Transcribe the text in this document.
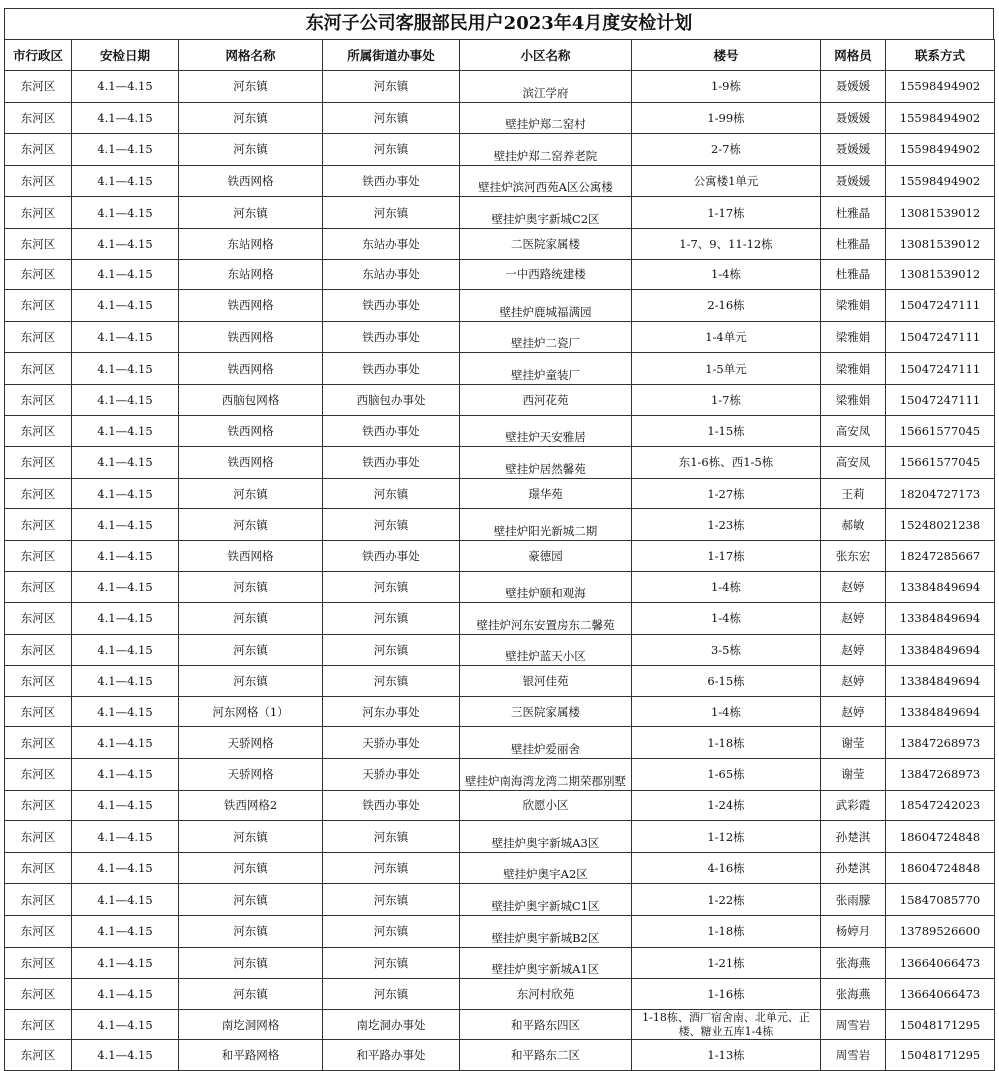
东河子公司客服部民用户2023年4月度安检计划
市行政区	安检日期	网格名称	所属街道办事处	小区名称	楼号	网格员	联系方式
东河区	4.1—4.15	河东镇	河东镇	滨江学府	1-9栋	聂媛媛	15598494902
东河区	4.1—4.15	河东镇	河东镇	壁挂炉郑二窑村	1-99栋	聂媛媛	15598494902
东河区	4.1—4.15	河东镇	河东镇	壁挂炉郑二窑养老院	2-7栋	聂媛媛	15598494902
东河区	4.1—4.15	铁西网格	铁西办事处	壁挂炉滨河西苑A区公寓楼	公寓楼1单元	聂媛媛	15598494902
东河区	4.1—4.15	河东镇	河东镇	壁挂炉奥宇新城C2区	1-17栋	杜雅晶	13081539012
东河区	4.1—4.15	东站网格	东站办事处	二医院家属楼	1-7、9、11-12栋	杜雅晶	13081539012
东河区	4.1—4.15	东站网格	东站办事处	一中西路统建楼	1-4栋	杜雅晶	13081539012
东河区	4.1—4.15	铁西网格	铁西办事处	壁挂炉鹿城福满园	2-16栋	梁雅娟	15047247111
东河区	4.1—4.15	铁西网格	铁西办事处	壁挂炉二瓷厂	1-4单元	梁雅娟	15047247111
东河区	4.1—4.15	铁西网格	铁西办事处	壁挂炉童装厂	1-5单元	梁雅娟	15047247111
东河区	4.1—4.15	西脑包网格	西脑包办事处	西河花苑	1-7栋	梁雅娟	15047247111
东河区	4.1—4.15	铁西网格	铁西办事处	壁挂炉天安雅居	1-15栋	高安凤	15661577045
东河区	4.1—4.15	铁西网格	铁西办事处	壁挂炉居然馨苑	东1-6栋、西1-5栋	高安凤	15661577045
东河区	4.1—4.15	河东镇	河东镇	璟华苑	1-27栋	王莉	18204727173
东河区	4.1—4.15	河东镇	河东镇	壁挂炉阳光新城二期	1-23栋	郝敏	15248021238
东河区	4.1—4.15	铁西网格	铁西办事处	豪德园	1-17栋	张东宏	18247285667
东河区	4.1—4.15	河东镇	河东镇	壁挂炉颐和观海	1-4栋	赵婷	13384849694
东河区	4.1—4.15	河东镇	河东镇	壁挂炉河东安置房东二馨苑	1-4栋	赵婷	13384849694
东河区	4.1—4.15	河东镇	河东镇	壁挂炉蓝天小区	3-5栋	赵婷	13384849694
东河区	4.1—4.15	河东镇	河东镇	银河佳苑	6-15栋	赵婷	13384849694
东河区	4.1—4.15	河东网格（1）	河东办事处	三医院家属楼	1-4栋	赵婷	13384849694
东河区	4.1—4.15	天骄网格	天骄办事处	壁挂炉爱丽舍	1-18栋	谢莹	13847268973
东河区	4.1—4.15	天骄网格	天骄办事处	壁挂炉南海湾龙湾二期荣郡别墅	1-65栋	谢莹	13847268973
东河区	4.1—4.15	铁西网格2	铁西办事处	欣愿小区	1-24栋	武彩霞	18547242023
东河区	4.1—4.15	河东镇	河东镇	壁挂炉奥宇新城A3区	1-12栋	孙楚淇	18604724848
东河区	4.1—4.15	河东镇	河东镇	壁挂炉奥宇A2区	4-16栋	孙楚淇	18604724848
东河区	4.1—4.15	河东镇	河东镇	壁挂炉奥宇新城C1区	1-22栋	张雨朦	15847085770
东河区	4.1—4.15	河东镇	河东镇	壁挂炉奥宇新城B2区	1-18栋	杨婷月	13789526600
东河区	4.1—4.15	河东镇	河东镇	壁挂炉奥宇新城A1区	1-21栋	张海燕	13664066473
东河区	4.1—4.15	河东镇	河东镇	东河村欣苑	1-16栋	张海燕	13664066473
东河区	4.1—4.15	南圪洞网格	南圪洞办事处	和平路东四区	1-18栋、酒厂宿舍南、北单元、正楼、糖业五库1-4栋	周雪岩	15048171295
东河区	4.1—4.15	和平路网格	和平路办事处	和平路东二区	1-13栋	周雪岩	15048171295
